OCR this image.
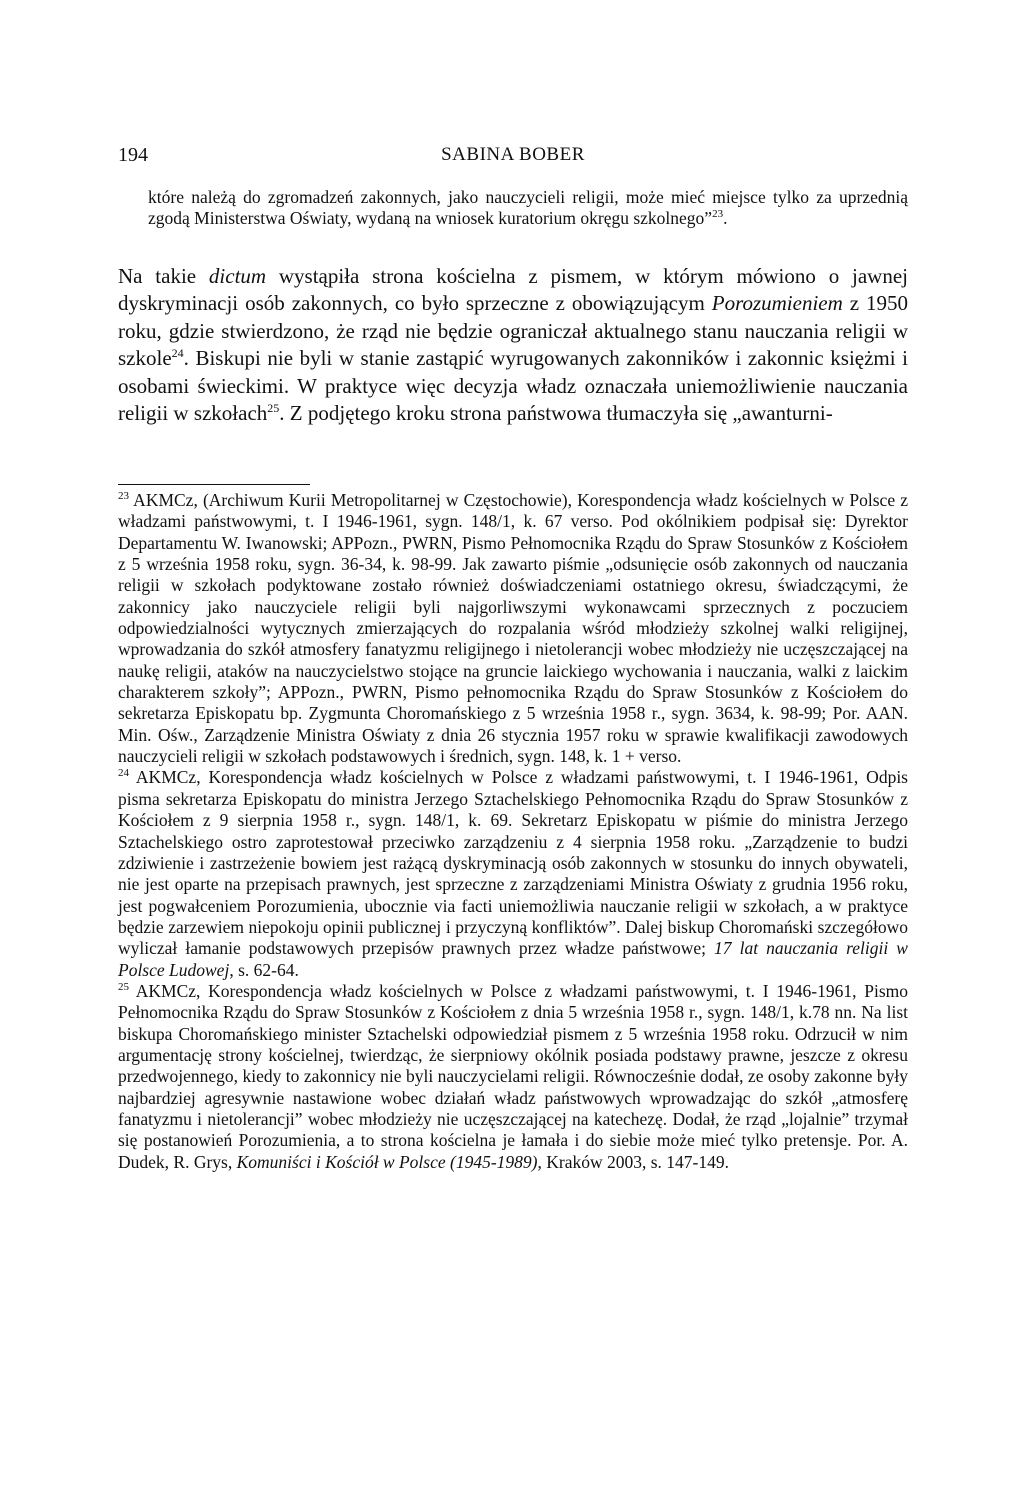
194	SABINA BOBER
które należą do zgromadzeń zakonnych, jako nauczycieli religii, może mieć miejsce tylko za uprzednią zgodą Ministerstwa Oświaty, wydaną na wniosek kuratorium okręgu szkolnego”$^{23}$.
Na takie dictum wystąpiła strona kościelna z pismem, w którym mówiono o jawnej dyskryminacji osób zakonnych, co było sprzeczne z obowiązującym Porozumieniem z 1950 roku, gdzie stwierdzono, że rząd nie będzie ograniczał aktualnego stanu nauczania religii w szkole$^{24}$. Biskupi nie byli w stanie zastąpić wyrugowanych zakonników i zakonnic księżmi i osobami świeckimi. W praktyce więc decyzja władz oznaczała uniemożliwienie nauczania religii w szkołach$^{25}$. Z podjętego kroku strona państwowa tłumaczyła się „awanturni-

$^{23}$ AKMCz, (Archiwum Kurii Metropolitarnej w Częstochowie), Korespondencja władz kościelnych w Polsce z władzami państwowymi, t. I 1946-1961, sygn. 148/1, k. 67 verso. Pod okólnikiem podpisał się: Dyrektor Departamentu W. Iwanowski; APPozn., PWRN, Pismo Pełnomocnika Rządu do Spraw Stosunków z Kościołem z 5 września 1958 roku, sygn. 36-34, k. 98-99. Jak zawarto piśmie „odsunięcie osób zakonnych od nauczania religii w szkołach podyktowane zostało również doświadczeniami ostatniego okresu, świadczącymi, że zakonnicy jako nauczyciele religii byli najgorliwszymi wykonawcami sprzecznych z poczuciem odpowiedzialności wytycznych zmierzających do rozpalania wśród młodzieży szkolnej walki religijnej, wprowadzania do szkół atmosfery fanatyzmu religijnego i nietolerancji wobec młodzieży nie uczęszczającej na naukę religii, ataków na nauczycielstwo stojące na gruncie laickiego wychowania i nauczania, walki z laickim charakterem szkoły”; APPozn., PWRN, Pismo pełnomocnika Rządu do Spraw Stosunków z Kościołem do sekretarza Episkopatu bp. Zygmunta Choromańskiego z 5 września 1958 r., sygn. 3634, k. 98-99; Por. AAN. Min. Ośw., Zarządzenie Ministra Oświaty z dnia 26 stycznia 1957 roku w sprawie kwalifikacji zawodowych nauczycieli religii w szkołach podstawowych i średnich, sygn. 148, k. 1 + verso.

$^{24}$ AKMCz, Korespondencja władz kościelnych w Polsce z władzami państwowymi, t. I 1946-1961, Odpis pisma sekretarza Episkopatu do ministra Jerzego Sztachelskiego Pełnomocnika Rządu do Spraw Stosunków z Kościołem z 9 sierpnia 1958 r., sygn. 148/1, k. 69. Sekretarz Episkopatu w piśmie do ministra Jerzego Sztachelskiego ostro zaprotestował przeciwko zarządzeniu z 4 sierpnia 1958 roku. „Zarządzenie to budzi zdziwienie i zastrzeżenie bowiem jest rażącą dyskryminacją osób zakonnych w stosunku do innych obywateli, nie jest oparte na przepisach prawnych, jest sprzeczne z zarządzeniami Ministra Oświaty z grudnia 1956 roku, jest pogwałceniem Porozumienia, ubocznie via facti uniemożliwia nauczanie religii w szkołach, a w praktyce będzie zarzewiem niepokoju opinii publicznej i przyczyną konfliktów”. Dalej biskup Choromański szczegółowo wyliczał łamanie podstawowych przepisów prawnych przez władze państwowe; 17 lat nauczania religii w Polsce Ludowej, s. 62-64.

$^{25}$ AKMCz, Korespondencja władz kościelnych w Polsce z władzami państwowymi, t. I 1946-1961, Pismo Pełnomocnika Rządu do Spraw Stosunków z Kościołem z dnia 5 września 1958 r., sygn. 148/1, k.78 nn. Na list biskupa Choromańskiego minister Sztachelski odpowiedział pismem z 5 września 1958 roku. Odrzucił w nim argumentację strony kościelnej, twierdząc, że sierpniowy okólnik posiada podstawy prawne, jeszcze z okresu przedwojennego, kiedy to zakonnicy nie byli nauczycielami religii. Równocześnie dodał, ze osoby zakonne były najbardziej agresywnie nastawione wobec działań władz państwowych wprowadzając do szkół „atmosferę fanatyzmu i nietolerancji” wobec młodzieży nie uczęszczającej na katechezę. Dodał, że rząd „lojalnie” trzymał się postanowień Porozumienia, a to strona kościelna je łamała i do siebie może mieć tylko pretensje. Por. A. Dudek, R. Grys, Komuniści i Kościół w Polsce (1945-1989), Kraków 2003, s. 147-149.
